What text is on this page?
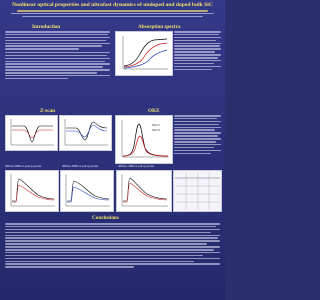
Nonlinear optical properties and ultrafast dynamics of undoped and doped bulk SiC
Introduction	Absorption spectra
Z-scan	OKE
SiC:V
SiC:N
400nm-800nm pump-probe	400nm-800nm pump-probe	400nm-400nm pump-probe
Conclusions
